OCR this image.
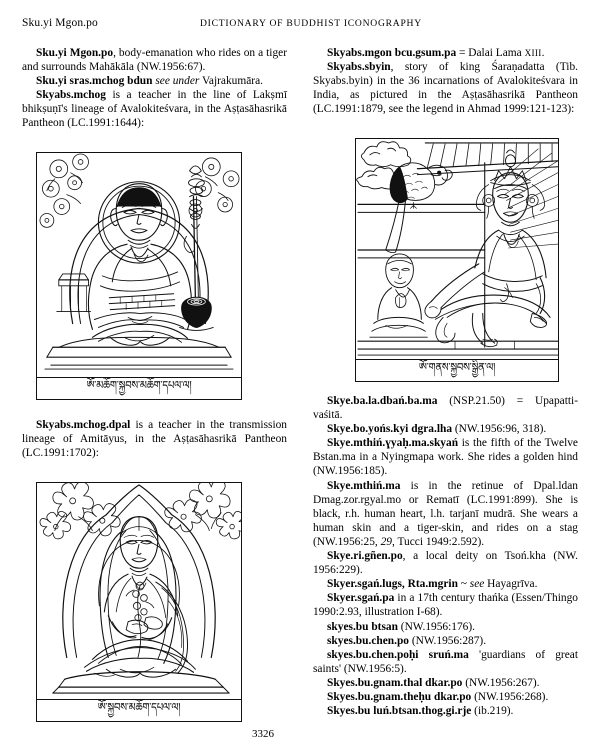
Sku.yi Mgon.po	DICTIONARY OF BUDDHIST ICONOGRAPHY

Sku.yi Mgon.po, body-emanation who rides on a tiger and surrounds Mahākāla (NW.1956:67).

Sku.yi sras.mchog bdun see under Vajrakumāra.

Skyabs.mchog is a teacher in the line of Lakṣmī bhikṣuṇī's lineage of Avalokiteśvara, in the Aṣṭasāhasrikā Pantheon (LC.1991:1644):

ༀ་མཆོག་སྐྱབས་མཆོག་དཔལ་ལ།

Skyabs.mchog.dpal is a teacher in the transmission lineage of Amitāyus, in the Aṣṭasāhasrikā Pantheon (LC.1991:1702):

ༀ་སྐྱབས་མཆོག་དཔལ་ལ།

Skyabs.mgon bcu.gsum.pa = Dalai Lama XIII.

Skyabs.sbyin, story of king Śaraṇadatta (Tib. Skyabs.byin) in the 36 incarnations of Avalokiteśvara in India, as pictured in the Aṣṭasāhasrikā Pantheon (LC.1991:1879, see the legend in Ahmad 1999:121-123):

ༀ་གནས་སྐྱབས་སྒྱིན་ལ།

Skye.ba.la.dbań.ba.ma (NSP.21.50) = Upapatti-vaśitā.

Skye.bo.yońs.kyi dgra.lha (NW.1956:96, 318).

Skye.mthiń.ɣyaḥ.ma.skyań is the fifth of the Twelve Bstan.ma in a Nyingmapa work. She rides a golden hind (NW.1956:185).

Skye.mthiń.ma is in the retinue of Dpal.ldan Dmag.zor.rgyal.mo or Rematī (LC.1991:899). She is black, r.h. human heart, l.h. tarjanī mudrā. She wears a human skin and a tiger-skin, and rides on a stag (NW.1956:25, 29, Tucci 1949:2.592).

Skye.ri.gñen.po, a local deity on Tsoń.kha (NW. 1956:229).

Skyer.sgań.lugs, Rta.mgrin ~ see Hayagrīva.

Skyer.sgań.pa in a 17th century thańka (Essen/Thingo 1990:2.93, illustration I-68).

skyes.bu btsan (NW.1956:176).

skyes.bu.chen.po (NW.1956:287).

skyes.bu.chen.poḥi sruń.ma 'guardians of great saints' (NW.1956:5).

Skyes.bu.gnam.thal dkar.po (NW.1956:267).

Skyes.bu.gnam.theḥu dkar.po (NW.1956:268).

Skyes.bu luń.btsan.thog.gi.rje (ib.219).

3326
